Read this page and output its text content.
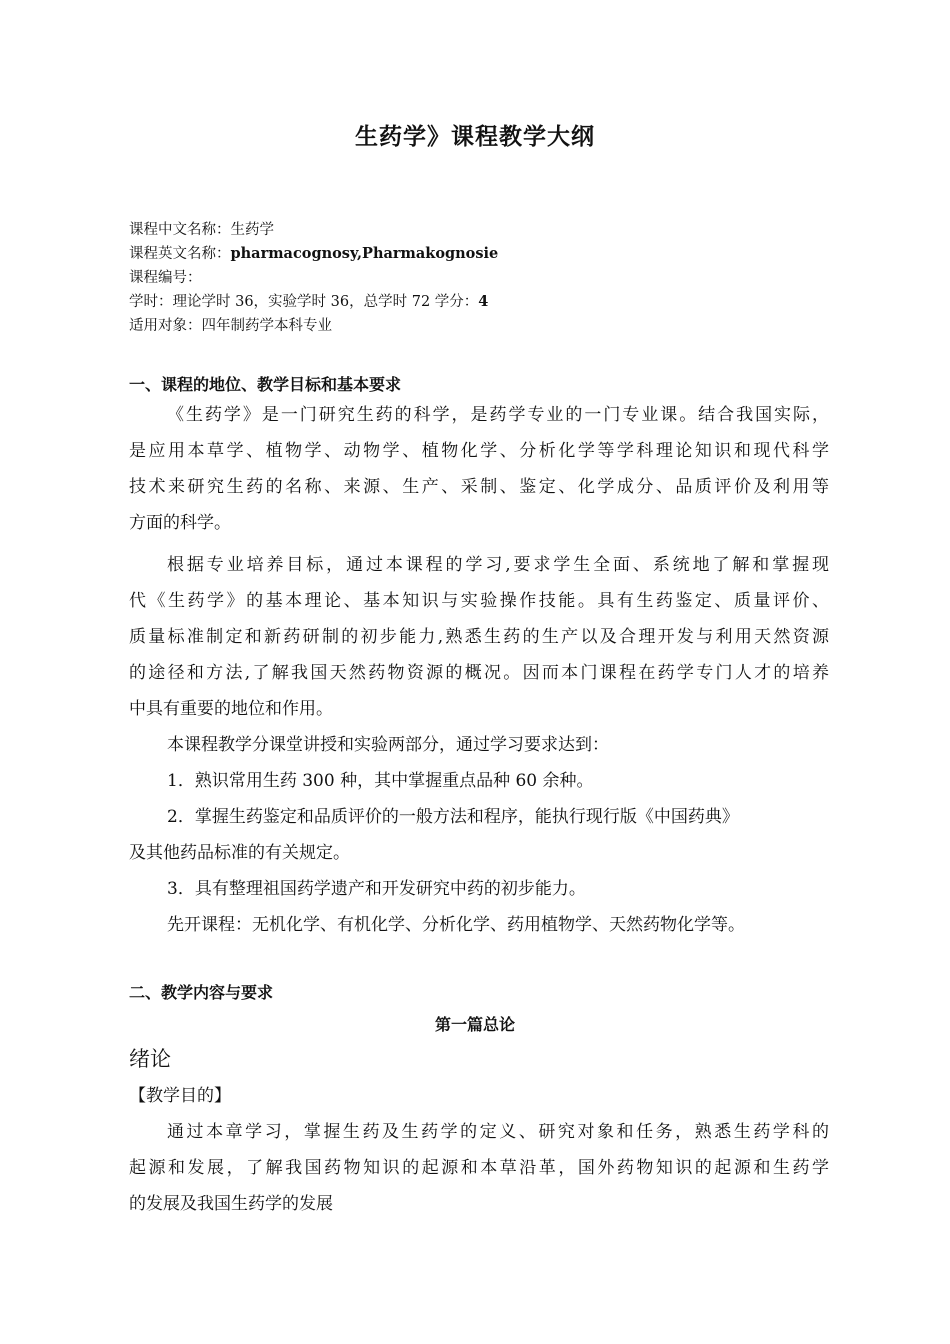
生药学》课程教学大纲
课程中文名称：生药学
课程英文名称：pharmacognosy,Pharmakognosie
课程编号：
学时：理论学时 36，实验学时 36，总学时 72 学分：4
适用对象：四年制药学本科专业
一、课程的地位、教学目标和基本要求
《生药学》是一门研究生药的科学，是药学专业的一门专业课。结合我国实际，
是应用本草学、植物学、动物学、植物化学、分析化学等学科理论知识和现代科学
技术来研究生药的名称、来源、生产、采制、鉴定、化学成分、品质评价及利用等
方面的科学。
根据专业培养目标，通过本课程的学习,要求学生全面、系统地了解和掌握现
代《生药学》的基本理论、基本知识与实验操作技能。具有生药鉴定、质量评价、
质量标准制定和新药研制的初步能力,熟悉生药的生产以及合理开发与利用天然资源
的途径和方法,了解我国天然药物资源的概况。因而本门课程在药学专门人才的培养
中具有重要的地位和作用。
本课程教学分课堂讲授和实验两部分，通过学习要求达到：
1．熟识常用生药 300 种，其中掌握重点品种 60 余种。
2．掌握生药鉴定和品质评价的一般方法和程序，能执行现行版《中国药典》
及其他药品标准的有关规定。
3．具有整理祖国药学遗产和开发研究中药的初步能力。
先开课程：无机化学、有机化学、分析化学、药用植物学、天然药物化学等。
二、教学内容与要求
第一篇总论
绪论
【教学目的】
通过本章学习，掌握生药及生药学的定义、研究对象和任务，熟悉生药学科的
起源和发展，了解我国药物知识的起源和本草沿革，国外药物知识的起源和生药学
的发展及我国生药学的发展
